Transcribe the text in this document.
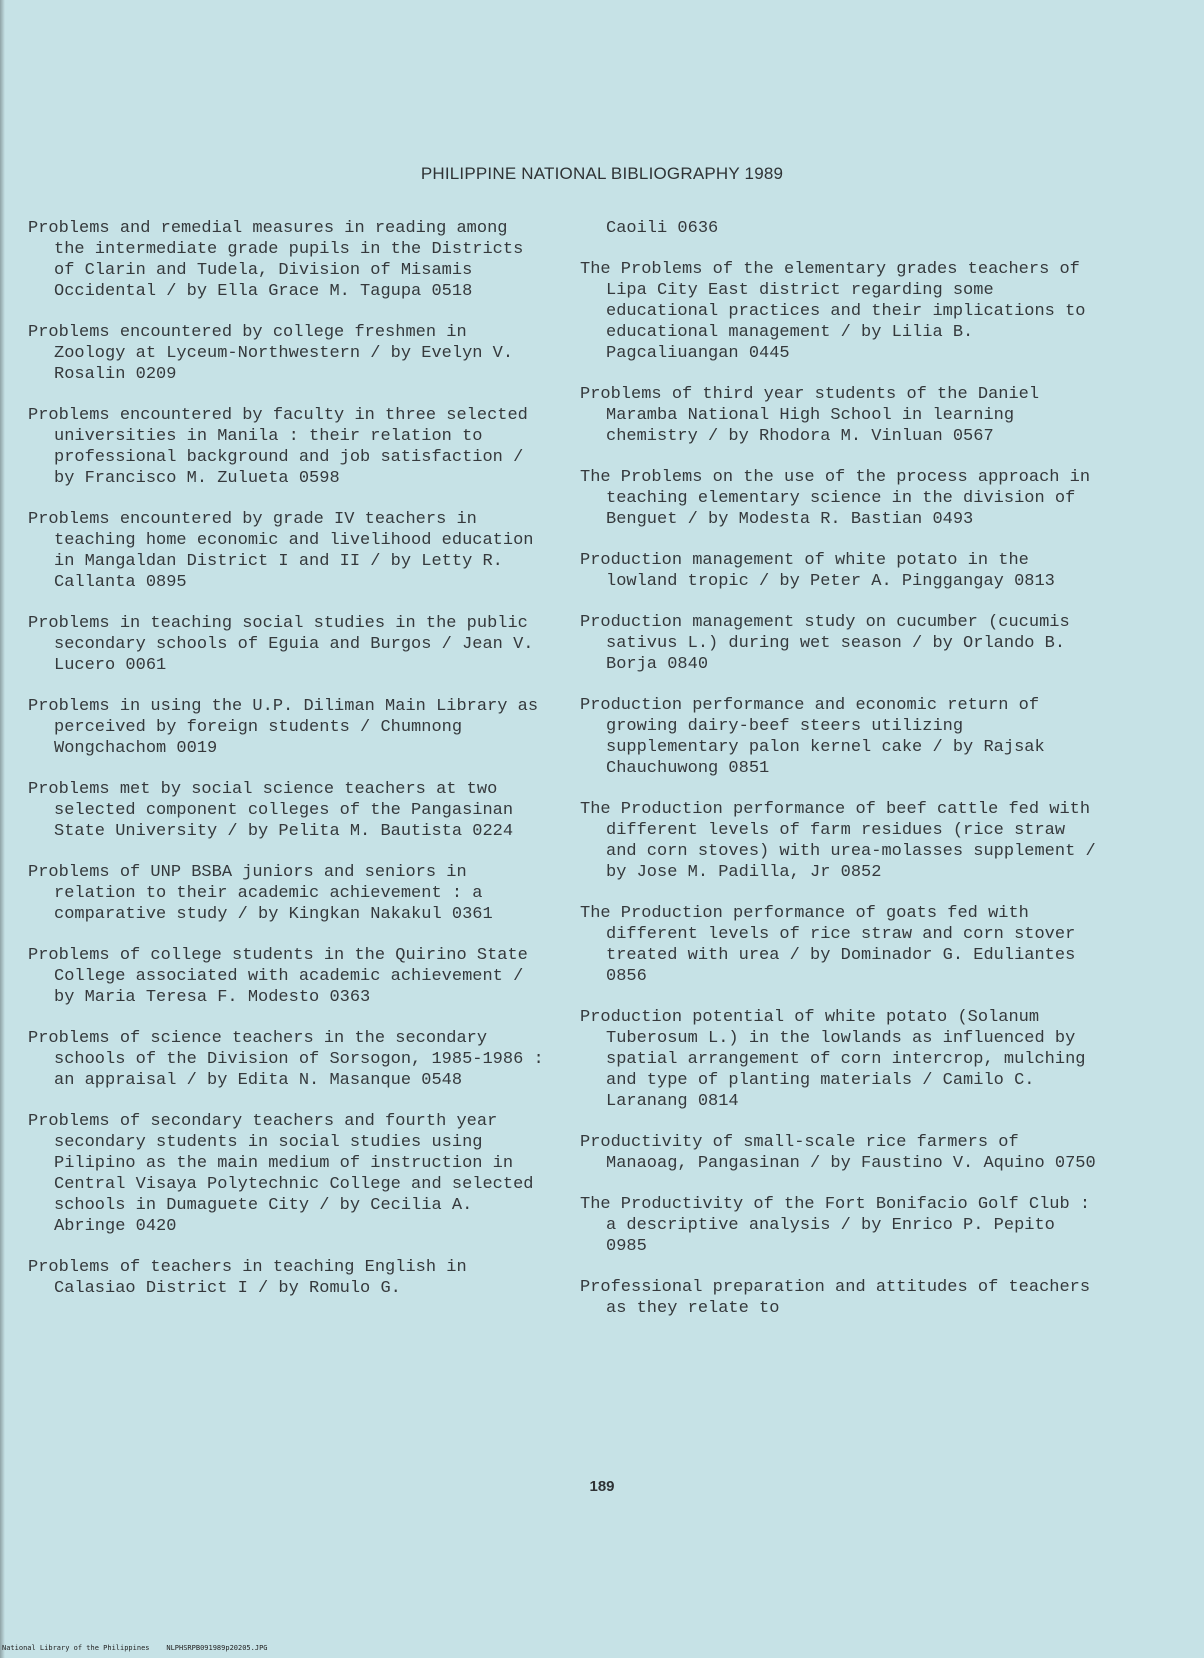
PHILIPPINE NATIONAL BIBLIOGRAPHY 1989
Problems and remedial measures in reading among the intermediate grade pupils in the Districts of Clarin and Tudela, Division of Misamis Occidental / by Ella Grace M. Tagupa 0518
Problems encountered by college freshmen in Zoology at Lyceum-Northwestern / by Evelyn V. Rosalin 0209
Problems encountered by faculty in three selected universities in Manila : their relation to professional background and job satisfaction / by Francisco M. Zulueta 0598
Problems encountered by grade IV teachers in teaching home economic and livelihood education in Mangaldan District I and II / by Letty R. Callanta 0895
Problems in teaching social studies in the public secondary schools of Eguia and Burgos / Jean V. Lucero 0061
Problems in using the U.P. Diliman Main Library as perceived by foreign students / Chumnong Wongchachom 0019
Problems met by social science teachers at two selected component colleges of the Pangasinan State University / by Pelita M. Bautista 0224
Problems of UNP BSBA juniors and seniors in relation to their academic achievement : a comparative study / by Kingkan Nakakul 0361
Problems of college students in the Quirino State College associated with academic achievement / by Maria Teresa F. Modesto 0363
Problems of science teachers in the secondary schools of the Division of Sorsogon, 1985-1986 : an appraisal / by Edita N. Masanque 0548
Problems of secondary teachers and fourth year secondary students in social studies using Pilipino as the main medium of instruction in Central Visaya Polytechnic College and selected schools in Dumaguete City / by Cecilia A. Abringe 0420
Problems of teachers in teaching English in Calasiao District I / by Romulo G.
Caoili 0636
The Problems of the elementary grades teachers of Lipa City East district regarding some educational practices and their implications to educational management / by Lilia B. Pagcaliuangan 0445
Problems of third year students of the Daniel Maramba National High School in learning chemistry / by Rhodora M. Vinluan 0567
The Problems on the use of the process approach in teaching elementary science in the division of Benguet / by Modesta R. Bastian 0493
Production management of white potato in the lowland tropic / by Peter A. Pinggangay 0813
Production management study on cucumber (cucumis sativus L.) during wet season / by Orlando B. Borja 0840
Production performance and economic return of growing dairy-beef steers utilizing supplementary palon kernel cake / by Rajsak Chauchuwong 0851
The Production performance of beef cattle fed with different levels of farm residues (rice straw and corn stoves) with urea-molasses supplement / by Jose M. Padilla, Jr 0852
The Production performance of goats fed with different levels of rice straw and corn stover treated with urea / by Dominador G. Eduliantes 0856
Production potential of white potato (Solanum Tuberosum L.) in the lowlands as influenced by spatial arrangement of corn intercrop, mulching and type of planting materials / Camilo C. Laranang 0814
Productivity of small-scale rice farmers of Manaoag, Pangasinan / by Faustino V. Aquino 0750
The Productivity of the Fort Bonifacio Golf Club : a descriptive analysis / by Enrico P. Pepito 0985
Professional preparation and attitudes of teachers as they relate to
189
National Library of the Philippines    NLPHSRPB091989p20205.JPG
